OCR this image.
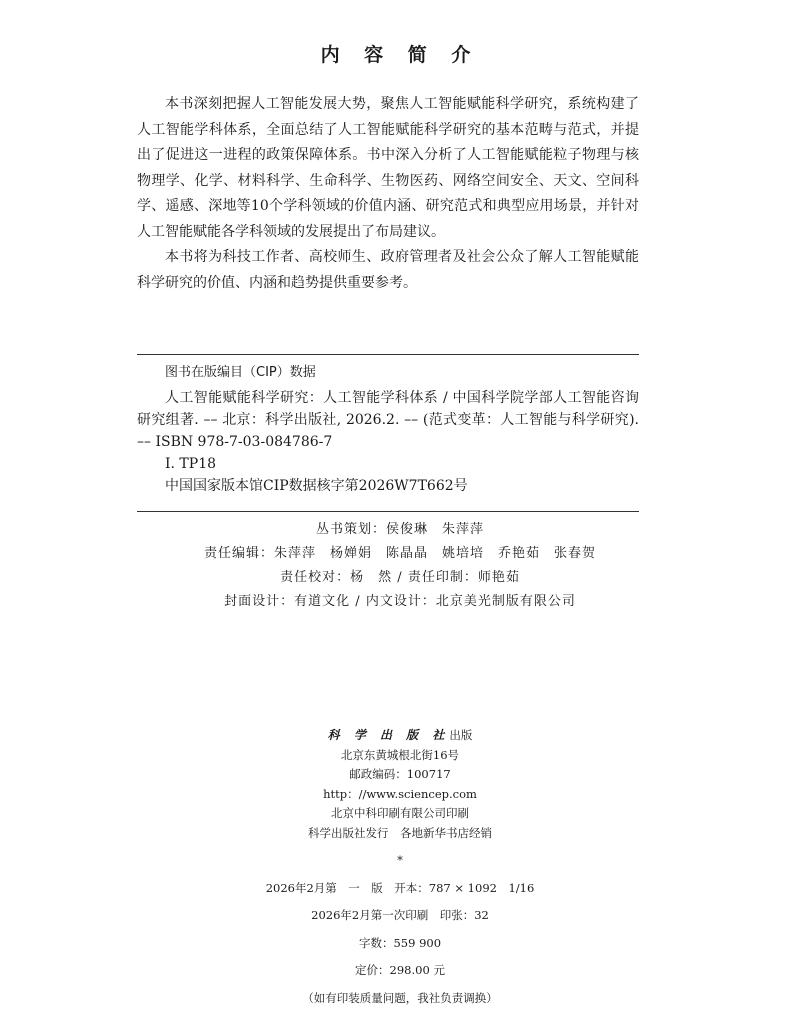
内 容 简 介

本书深刻把握人工智能发展大势，聚焦人工智能赋能科学研究，系统构建了人工智能学科体系，全面总结了人工智能赋能科学研究的基本范畴与范式，并提出了促进这一进程的政策保障体系。书中深入分析了人工智能赋能粒子物理与核物理学、化学、材料科学、生命科学、生物医药、网络空间安全、天文、空间科学、遥感、深地等10个学科领域的价值内涵、研究范式和典型应用场景，并针对人工智能赋能各学科领域的发展提出了布局建议。

本书将为科技工作者、高校师生、政府管理者及社会公众了解人工智能赋能科学研究的价值、内涵和趋势提供重要参考。

图书在版编目（CIP）数据
人工智能赋能科学研究：人工智能学科体系 / 中国科学院学部人工智能咨询研究组著. –– 北京：科学出版社, 2026.2. –– (范式变革：人工智能与科学研究). –– ISBN 978-7-03-084786-7
Ⅰ. TP18
中国国家版本馆CIP数据核字第2026W7T662号
丛书策划：侯俊琳　朱萍萍
责任编辑：朱萍萍　杨婵娟　陈晶晶　姚培培　乔艳茹　张春贺
责任校对：杨　然 / 责任印制：师艳茹
封面设计：有道文化 / 内文设计：北京美光制版有限公司
科 学 出 版 社出版
北京东黄城根北街16号
邮政编码：100717
http：//www.sciencep.com
北京中科印刷有限公司印刷
科学出版社发行　各地新华书店经销
*
2026年2月第　一　版　开本：787 × 1092　1/16
2026年2月第一次印刷　印张：32
字数：559 900
定价：298.00 元
（如有印装质量问题，我社负责调换）
